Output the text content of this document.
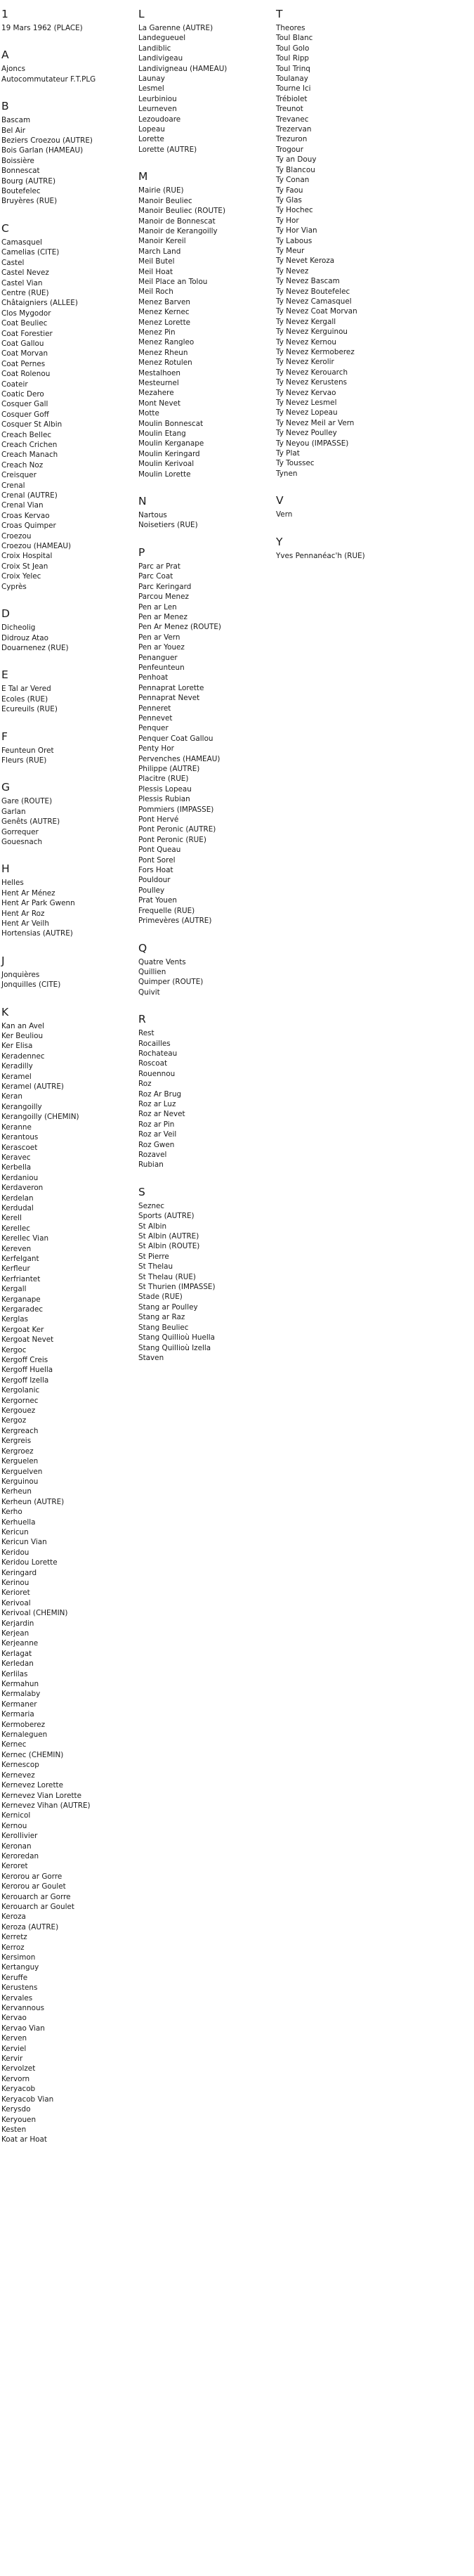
1
19 Mars 1962 (PLACE)
A
Ajoncs
Autocommutateur F.T.PLG
B
Bascam
Bel Air
Beziers Croezou (AUTRE)
Bois Garlan (HAMEAU)
Boissière
Bonnescat
Bourg (AUTRE)
Boutefelec
Bruyères (RUE)
C
Camasquel
Camelias (CITE)
Castel
Castel Nevez
Castel Vian
Centre (RUE)
Châtaigniers (ALLEE)
Clos Mygodor
Coat Beuliec
Coat Forestier
Coat Gallou
Coat Morvan
Coat Pernes
Coat Rolenou
Coateir
Coatic Dero
Cosquer Gall
Cosquer Goff
Cosquer St Albin
Creach Bellec
Creach Crichen
Creach Manach
Creach Noz
Creisquer
Crenal
Crenal (AUTRE)
Crenal Vian
Croas Kervao
Croas Quimper
Croezou
Croezou (HAMEAU)
Croix Hospital
Croix St Jean
Croix Yelec
Cyprès
D
Dicheolig
Didrouz Atao
Douarnenez (RUE)
E
E Tal ar Vered
Ecoles (RUE)
Ecureuils (RUE)
F
Feunteun Oret
Fleurs (RUE)
G
Gare (ROUTE)
Garlan
Genêts (AUTRE)
Gorrequer
Gouesnach
H
Helles
Hent Ar Ménez
Hent Ar Park Gwenn
Hent Ar Roz
Hent Ar Veilh
Hortensias (AUTRE)
J
Jonquières
Jonquilles (CITE)
K
Kan an Avel
Ker Beuliou
Ker Elisa
Keradennec
Keradilly
Keramel
Keramel (AUTRE)
Keran
Kerangoilly
Kerangoilly (CHEMIN)
Keranne
Kerantous
Kerascoet
Keravec
Kerbella
Kerdaniou
Kerdaveron
Kerdelan
Kerdudal
Kerell
Kerellec
Kerellec Vian
Kereven
Kerfelgant
Kerfleur
Kerfriantet
Kergall
Kerganape
Kergaradec
Kerglas
Kergoat Ker
Kergoat Nevet
Kergoc
Kergoff Creis
Kergoff Huella
Kergoff Izella
Kergolanic
Kergornec
Kergouez
Kergoz
Kergreach
Kergreis
Kergroez
Kerguelen
Kerguelven
Kerguinou
Kerheun
Kerheun (AUTRE)
Kerho
Kerhuella
Kericun
Kericun Vian
Keridou
Keridou Lorette
Keringard
Kerinou
Kerioret
Kerivoal
Kerivoal (CHEMIN)
Kerjardin
Kerjean
Kerjeanne
Kerlagat
Kerledan
Kerlilas
Kermahun
Kermalaby
Kermaner
Kermaria
Kermoberez
Kernaleguen
Kernec
Kernec (CHEMIN)
Kernescop
Kernevez
Kernevez Lorette
Kernevez Vian Lorette
Kernevez Vihan (AUTRE)
Kernicol
Kernou
Kerollivier
Keronan
Keroredan
Keroret
Kerorou ar Gorre
Kerorou ar Goulet
Kerouarch ar Gorre
Kerouarch ar Goulet
Keroza
Keroza (AUTRE)
Kerretz
Kerroz
Kersimon
Kertanguy
Keruffe
Kerustens
Kervales
Kervannous
Kervao
Kervao Vian
Kerven
Kerviel
Kervir
Kervolzet
Kervorn
Keryacob
Keryacob Vian
Kerysdo
Keryouen
Kesten
Koat ar Hoat
L
La Garenne (AUTRE)
Landegueuel
Landiblic
Landivigeau
Landivigneau (HAMEAU)
Launay
Lesmel
Leurbiniou
Leurneven
Lezoudoare
Lopeau
Lorette
Lorette (AUTRE)
M
Mairie (RUE)
Manoir Beuliec
Manoir Beuliec (ROUTE)
Manoir de Bonnescat
Manoir de Kerangoilly
Manoir Kereil
March Land
Meil Butel
Meil Hoat
Meil Place an Tolou
Meil Roch
Menez Barven
Menez Kernec
Menez Lorette
Menez Pin
Menez Rangleo
Menez Rheun
Menez Rotulen
Mestalhoen
Mesteurnel
Mezahere
Mont Nevet
Motte
Moulin Bonnescat
Moulin Etang
Moulin Kerganape
Moulin Keringard
Moulin Kerivoal
Moulin Lorette
N
Nartous
Noisetiers (RUE)
P
Parc ar Prat
Parc Coat
Parc Keringard
Parcou Menez
Pen ar Len
Pen ar Menez
Pen Ar Menez (ROUTE)
Pen ar Vern
Pen ar Youez
Penanguer
Penfeunteun
Penhoat
Pennaprat Lorette
Pennaprat Nevet
Penneret
Pennevet
Penquer
Penquer Coat Gallou
Penty Hor
Pervenches (HAMEAU)
Philippe (AUTRE)
Placitre (RUE)
Plessis Lopeau
Plessis Rubian
Pommiers (IMPASSE)
Pont Hervé
Pont Peronic (AUTRE)
Pont Peronic (RUE)
Pont Queau
Pont Sorel
Fors Hoat
Pouldour
Poulley
Prat Youen
Frequelle (RUE)
Primevères (AUTRE)
Q
Quatre Vents
Quillien
Quimper (ROUTE)
Quivit
R
Rest
Rocailles
Rochateau
Roscoat
Rouennou
Roz
Roz Ar Brug
Roz ar Luz
Roz ar Nevet
Roz ar Pin
Roz ar Veil
Roz Gwen
Rozavel
Rubian
S
Seznec
Sports (AUTRE)
St Albin
St Albin (AUTRE)
St Albin (ROUTE)
St Pierre
St Thelau
St Thelau (RUE)
St Thurien (IMPASSE)
Stade (RUE)
Stang ar Poulley
Stang ar Raz
Stang Beuliec
Stang Quillioù Huella
Stang Quillioù Izella
Staven
T
Theores
Toul Blanc
Toul Golo
Toul Ripp
Toul Trinq
Toulanay
Tourne Ici
Trébiolet
Treunot
Trevanec
Trezervan
Trezuron
Trogour
Ty an Douy
Ty Blancou
Ty Conan
Ty Faou
Ty Glas
Ty Hochec
Ty Hor
Ty Hor Vian
Ty Labous
Ty Meur
Ty Nevet Keroza
Ty Nevez
Ty Nevez Bascam
Ty Nevez Boutefelec
Ty Nevez Camasquel
Ty Nevez Coat Morvan
Ty Nevez Kergall
Ty Nevez Kerguinou
Ty Nevez Kernou
Ty Nevez Kermoberez
Ty Nevez Kerolir
Ty Nevez Kerouarch
Ty Nevez Kerustens
Ty Nevez Kervao
Ty Nevez Lesmel
Ty Nevez Lopeau
Ty Nevez Meil ar Vern
Ty Nevez Poulley
Ty Neyou (IMPASSE)
Ty Plat
Ty Toussec
Tynen
V
Vern
Y
Yves Pennanéac'h (RUE)
